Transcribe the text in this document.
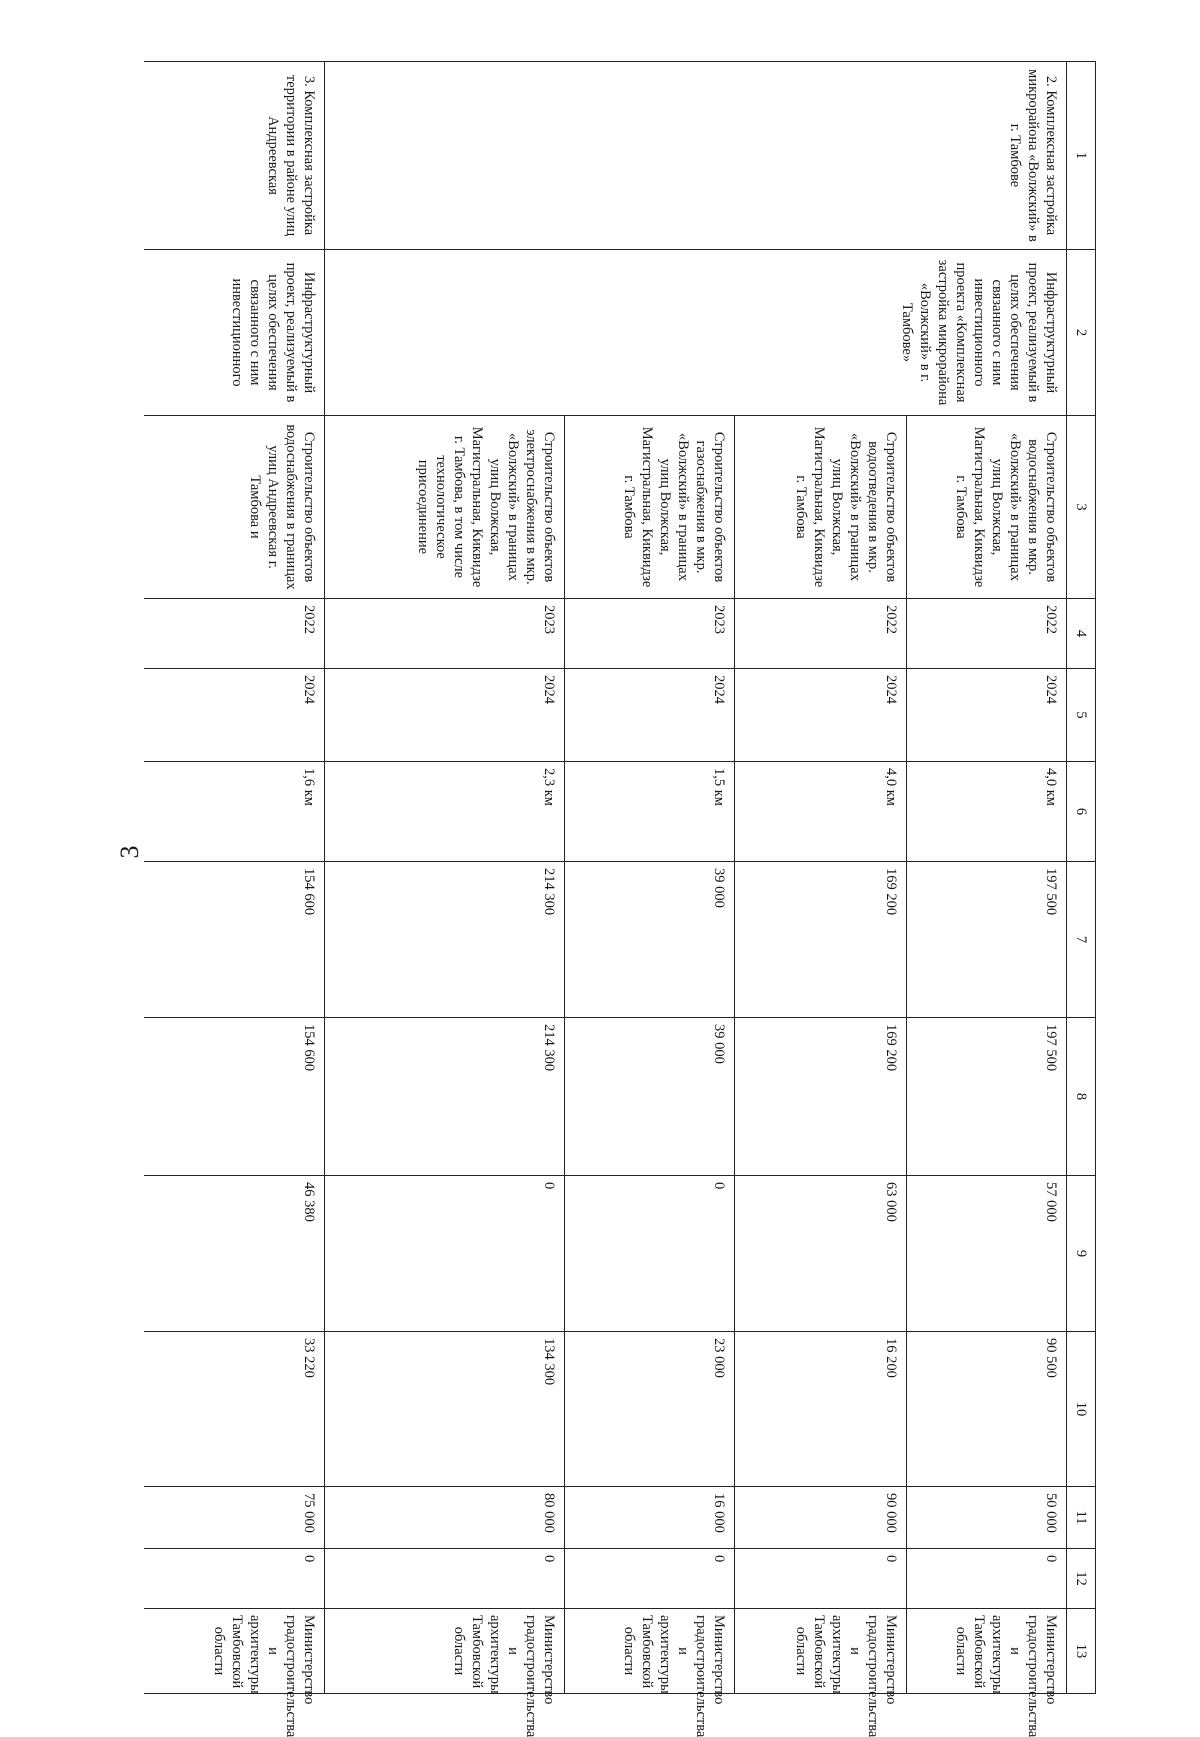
3
1	2	3	4	5	6	7	8	9	10	11	12	13
2. Комплексная застройка микрорайона «Волжский» в г. Тамбове	Инфраструктурный проект, реализуемый в целях обеспечения связанного с ним инвестиционного проекта «Комплексная застройка микрорайона «Волжский» в г. Тамбове»	Строительство объектов водоснабжения в мкр. «Волжский» в границах улиц Волжская, Магистральная, Киквидзе г. Тамбова	2022	2024	4,0 км	197 500	197 500	57 000	90 500	50 000	0	Министерство градостроительства и архитектуры Тамбовской области
		Строительство объектов водоотведения в мкр. «Волжский» в границах улиц Волжская, Магистральная, Киквидзе г. Тамбова	2022	2024	4,0 км	169 200	169 200	63 000	16 200	90 000	0	Министерство градостроительства и архитектуры Тамбовской области
		Строительство объектов газоснабжения в мкр. «Волжский» в границах улиц Волжская, Магистральная, Киквидзе г. Тамбова	2023	2024	1,5 км	39 000	39 000	0	23 000	16 000	0	Министерство градостроительства и архитектуры Тамбовской области
		Строительство объектов электроснабжения в мкр. «Волжский» в границах улиц Волжская, Магистральная, Киквидзе г. Тамбова, в том числе технологическое присоединение	2023	2024	2,3 км	214 300	214 300	0	134 300	80 000	0	Министерство градостроительства и архитектуры Тамбовской области
3. Комплексная застройка территории в районе улиц Андреевская	Инфраструктурный проект, реализуемый в целях обеспечения связанного с ним инвестиционного	Строительство объектов водоснабжения в границах улиц Андреевская г. Тамбова и	2022	2024	1,6 км	154 600	154 600	46 380	33 220	75 000	0	Министерство градостроительства и архитектуры Тамбовской области
